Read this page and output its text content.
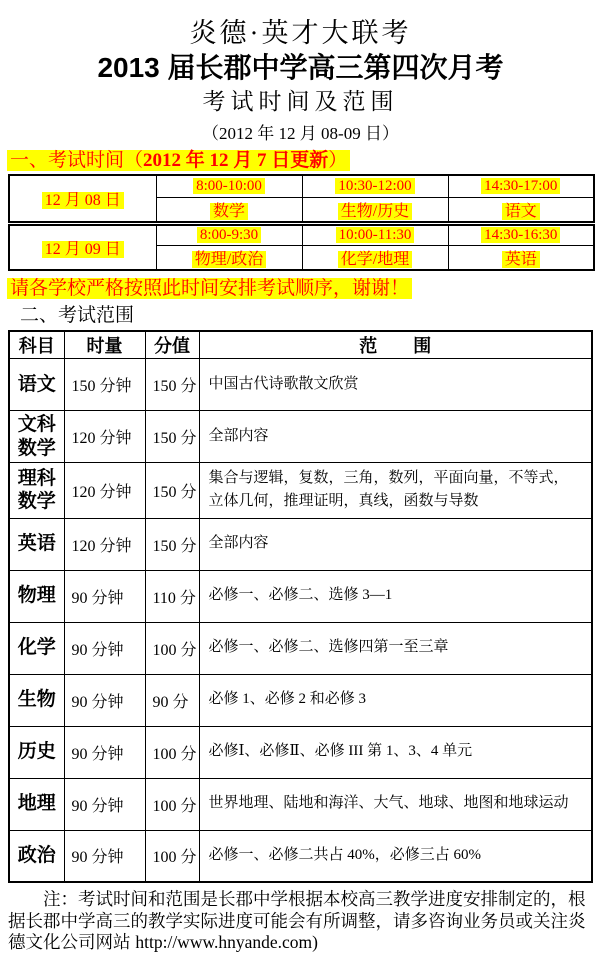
炎德·英才大联考
2013 届长郡中学高三第四次月考
考试时间及范围
（2012 年 12 月 08-09 日）
一、考试时间（2012 年 12 月 7 日更新）
12 月 08 日	8:00-10:00	10:30-12:00	14:30-17:00
	数学	生物/历史	语文
12 月 09 日	8:00-9:30	10:00-11:30	14:30-16:30
	物理/政治	化学/地理	英语
请各学校严格按照此时间安排考试顺序，谢谢！
二、考试范围
科目	时量	分值	范　　围
语文	150 分钟	150 分	中国古代诗歌散文欣赏
文科数学	120 分钟	150 分	全部内容
理科数学	120 分钟	150 分	集合与逻辑，复数，三角，数列，平面向量，不等式，立体几何，推理证明，真线，函数与导数
英语	120 分钟	150 分	全部内容
物理	90 分钟	110 分	必修一、必修二、选修 3—1
化学	90 分钟	100 分	必修一、必修二、选修四第一至三章
生物	90 分钟	90 分	必修 1、必修 2 和必修 3
历史	90 分钟	100 分	必修Ⅰ、必修Ⅱ、必修 III 第 1、3、4 单元
地理	90 分钟	100 分	世界地理、陆地和海洋、大气、地球、地图和地球运动
政治	90 分钟	100 分	必修一、必修二共占 40%，必修三占 60%

注：考试时间和范围是长郡中学根据本校高三教学进度安排制定的，根据长郡中学高三的教学实际进度可能会有所调整，请多咨询业务员或关注炎德文化公司网站 http://www.hnyande.com)
